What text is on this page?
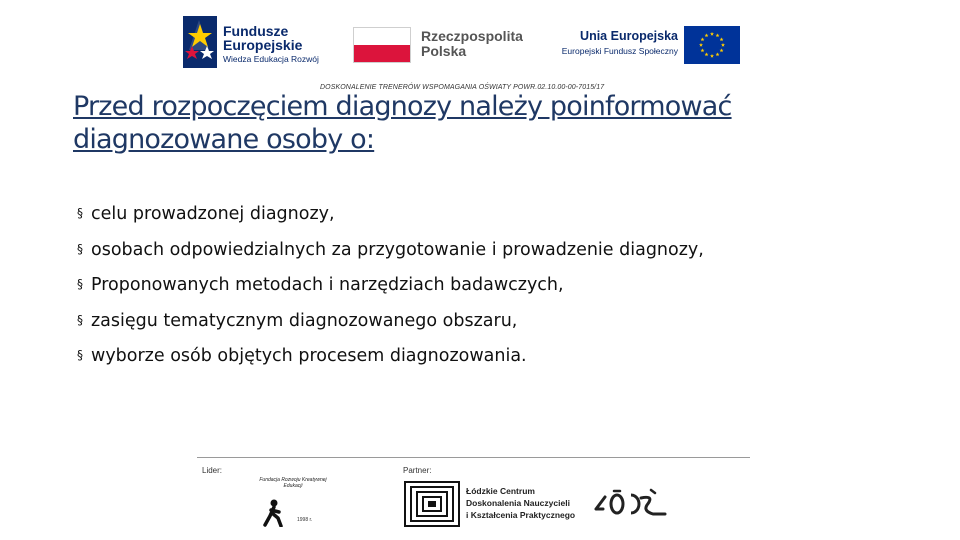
Fundusze
Europejskie
Wiedza Edukacja Rozwój
Rzeczpospolita
Polska
Unia Europejska
Europejski Fundusz Społeczny
DOSKONALENIE TRENERÓW WSPOMAGANIA OŚWIATY POWR.02.10.00-00-7015/17
Przed rozpoczęciem diagnozy należy poinformować diagnozowane osoby o:
§ celu prowadzonej diagnozy,
§ osobach odpowiedzialnych za przygotowanie i prowadzenie diagnozy,
§ Proponowanych metodach i narzędziach badawczych,
§ zasięgu tematycznym diagnozowanego obszaru,
§ wyborze osób objętych procesem diagnozowania.
Lider:	Partner:
Fundacja Rozwoju Kreatywnej Edukacji
1998 r.
Łódzkie Centrum
Doskonalenia Nauczycieli
i Kształcenia Praktycznego
